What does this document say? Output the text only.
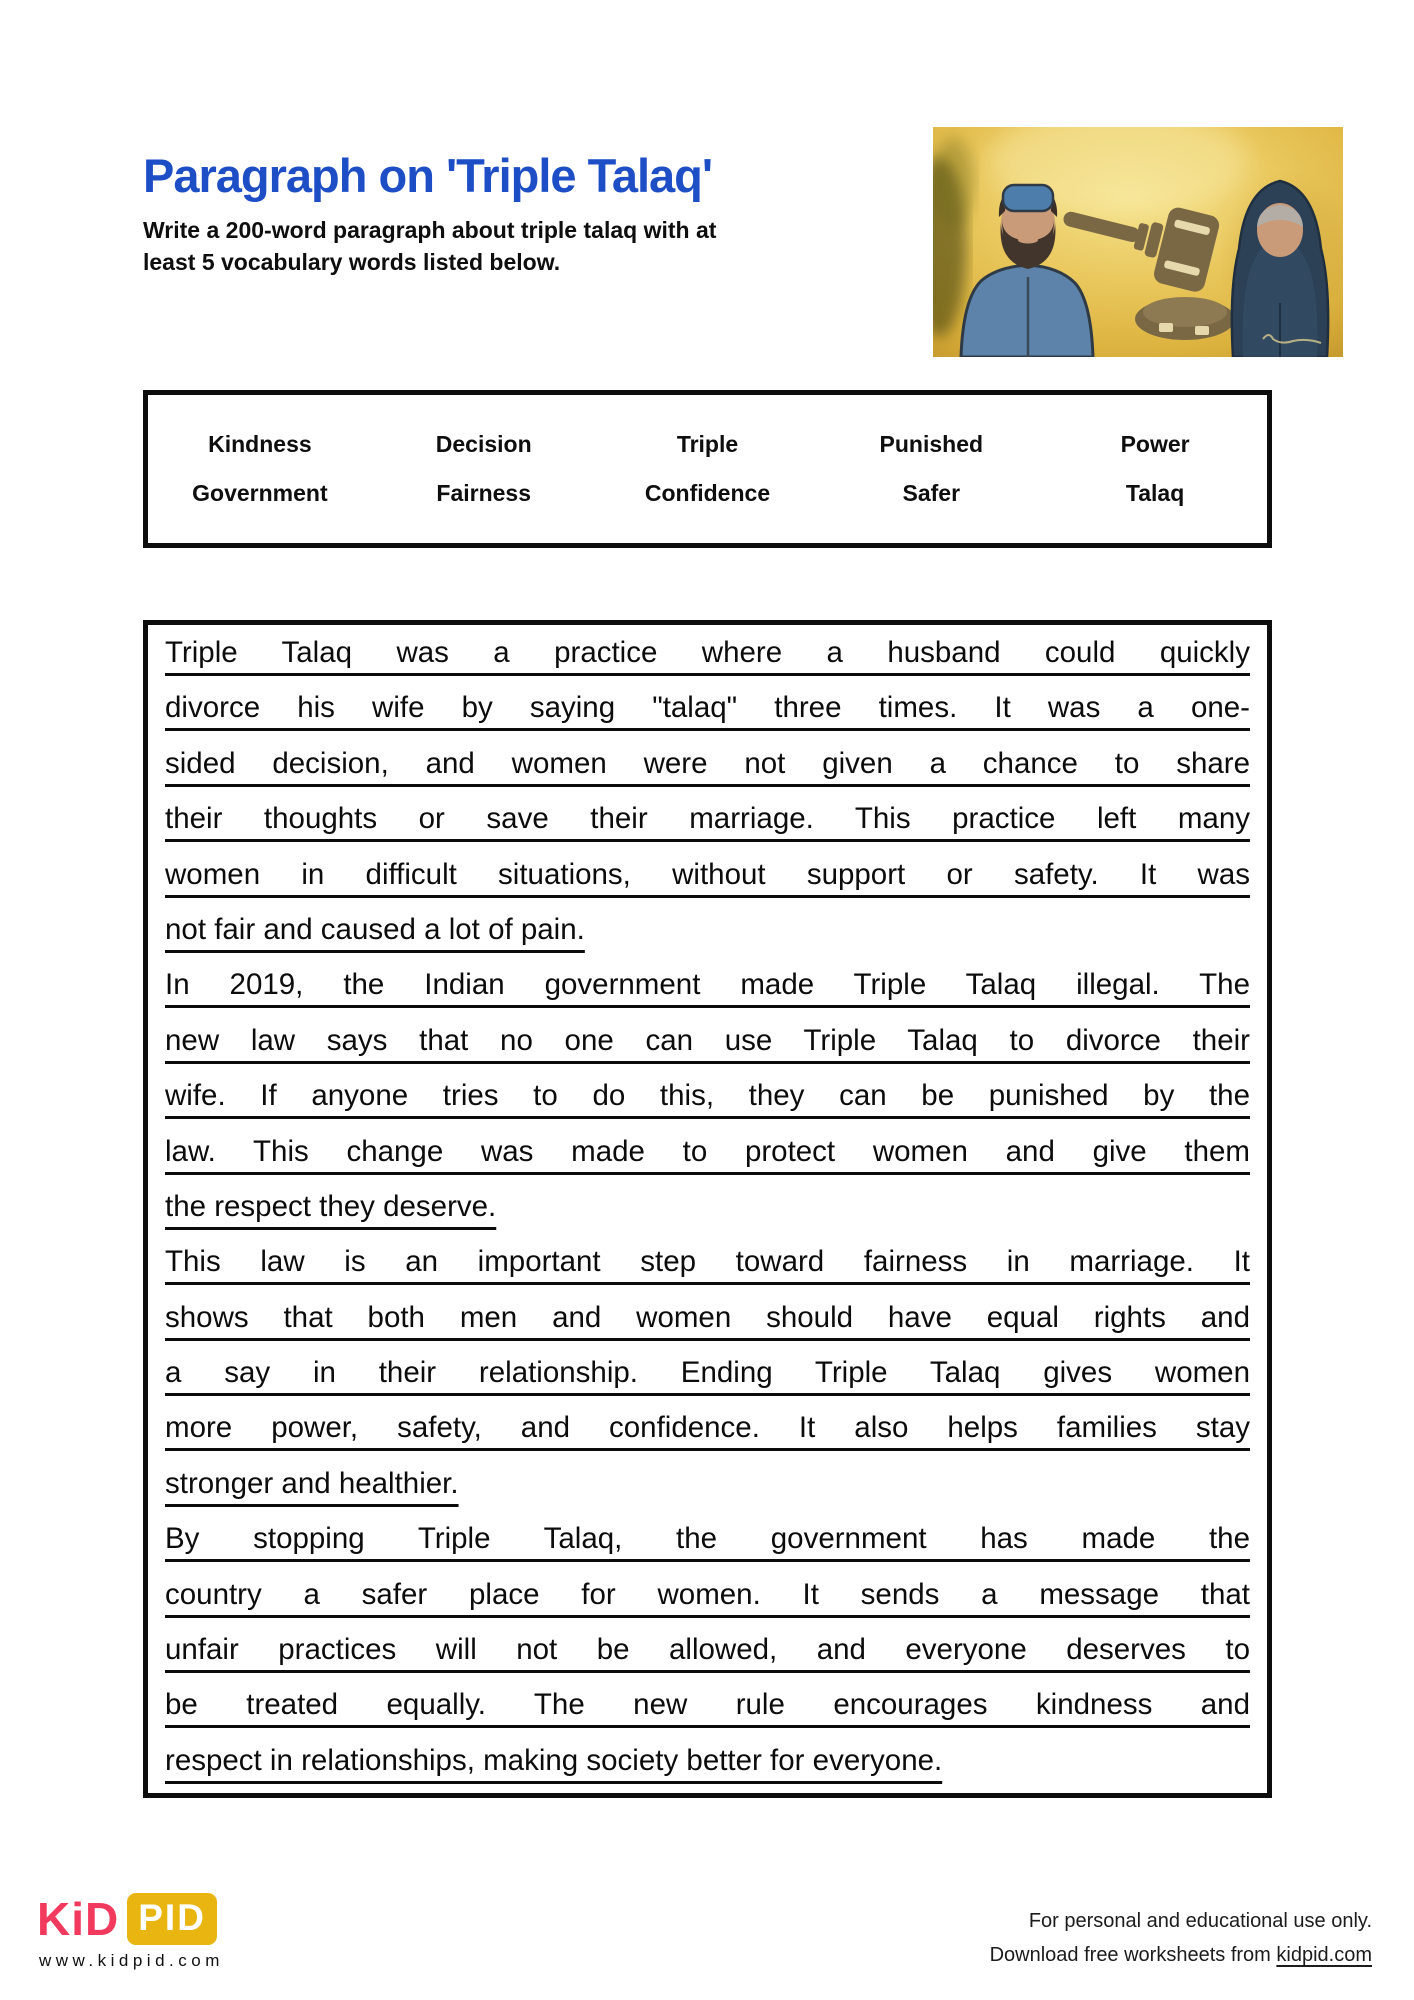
Paragraph on 'Triple Talaq'
Write a 200-word paragraph about triple talaq with at
least 5 vocabulary words listed below.
Kindness	Decision	Triple	Punished	Power
Government	Fairness	Confidence	Safer	Talaq
Triple Talaq was a practice where a husband could quickly
divorce his wife by saying "talaq" three times. It was a one-
sided decision, and women were not given a chance to share
their thoughts or save their marriage. This practice left many
women in difficult situations, without support or safety. It was
not fair and caused a lot of pain.
In 2019, the Indian government made Triple Talaq illegal. The
new law says that no one can use Triple Talaq to divorce their
wife. If anyone tries to do this, they can be punished by the
law. This change was made to protect women and give them
the respect they deserve.
This law is an important step toward fairness in marriage. It
shows that both men and women should have equal rights and
a say in their relationship. Ending Triple Talaq gives women
more power, safety, and confidence. It also helps families stay
stronger and healthier.
By stopping Triple Talaq, the government has made the
country a safer place for women. It sends a message that
unfair practices will not be allowed, and everyone deserves to
be treated equally. The new rule encourages kindness and
respect in relationships, making society better for everyone.
KiD PID
www.kidpid.com
For personal and educational use only.
Download free worksheets from kidpid.com
